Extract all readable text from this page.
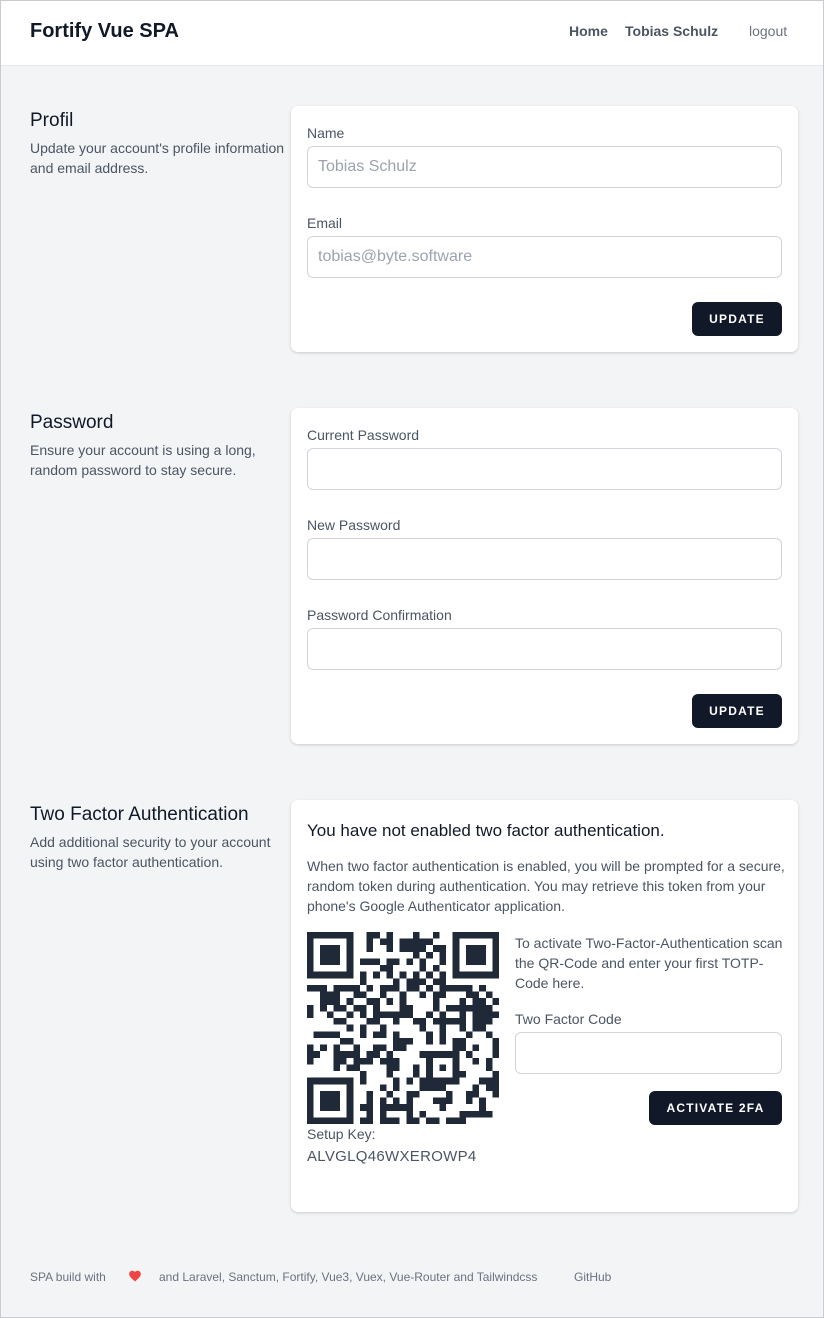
Fortify Vue SPA	Home Tobias Schulz logout
Profil
Update your account's profile information and email address.
Name
Tobias Schulz
Email
tobias@byte.software
UPDATE
Password
Ensure your account is using a long, random password to stay secure.
Current Password
New Password
Password Confirmation
UPDATE
Two Factor Authentication
Add additional security to your account using two factor authentication.
You have not enabled two factor authentication.
When two factor authentication is enabled, you will be prompted for a secure, random token during authentication. You may retrieve this token from your phone's Google Authenticator application.
Setup Key:
ALVGLQ46WXEROWP4
To activate Two-Factor-Authentication scan the QR-Code and enter your first TOTP-Code here.
Two Factor Code
ACTIVATE 2FA
SPA build with	and Laravel, Sanctum, Fortify, Vue3, Vuex, Vue-Router and Tailwindcss	GitHub
